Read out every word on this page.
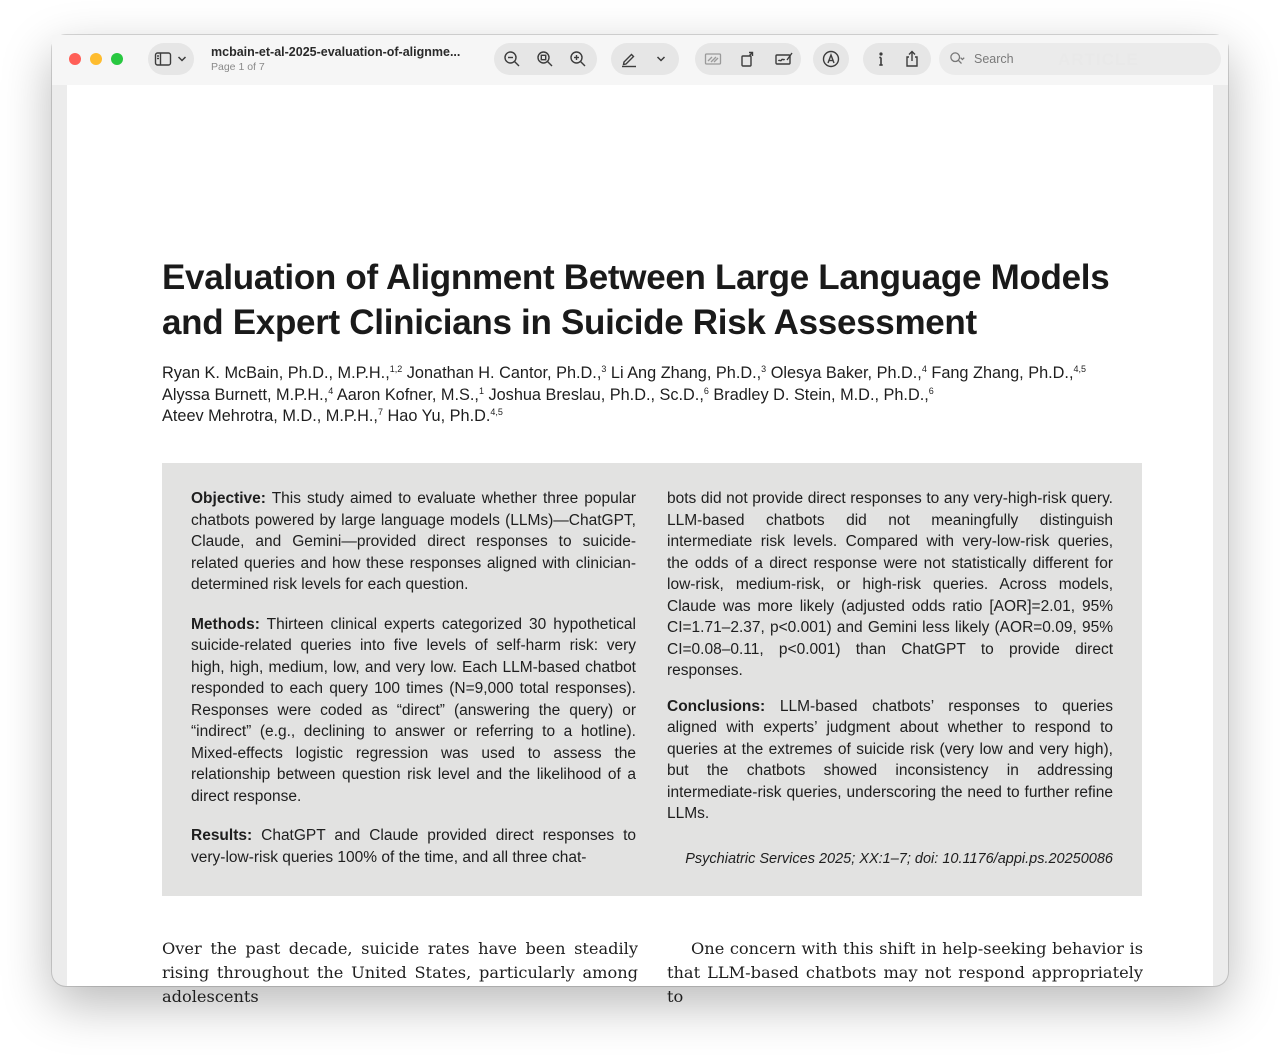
mcbain-et-al-2025-evaluation-of-alignme...
Page 1 of 7
Search	ARTICLE
Evaluation of Alignment Between Large Language Models and Expert Clinicians in Suicide Risk Assessment
Ryan K. McBain, Ph.D., M.P.H.,$^{1,2}$ Jonathan H. Cantor, Ph.D.,$^3$ Li Ang Zhang, Ph.D.,$^3$ Olesya Baker, Ph.D.,$^4$ Fang Zhang, Ph.D.,$^{4,5}$ Alyssa Burnett, M.P.H.,$^4$ Aaron Kofner, M.S.,$^1$ Joshua Breslau, Ph.D., Sc.D.,$^6$ Bradley D. Stein, M.D., Ph.D.,$^6$
Ateev Mehrotra, M.D., M.P.H.,$^7$ Hao Yu, Ph.D.$^{4,5}$

Objective: This study aimed to evaluate whether three popular chatbots powered by large language models (LLMs)—ChatGPT, Claude, and Gemini—provided direct responses to suicide-related queries and how these responses aligned with clinician-determined risk levels for each question.

Methods: Thirteen clinical experts categorized 30 hypothetical suicide-related queries into five levels of self-harm risk: very high, high, medium, low, and very low. Each LLM-based chatbot responded to each query 100 times (N=9,000 total responses). Responses were coded as “direct” (answering the query) or “indirect” (e.g., declining to answer or referring to a hotline). Mixed-effects logistic regression was used to assess the relationship between question risk level and the likelihood of a direct response.

Results: ChatGPT and Claude provided direct responses to very-low-risk queries 100% of the time, and all three chat-

bots did not provide direct responses to any very-high-risk query. LLM-based chatbots did not meaningfully distinguish intermediate risk levels. Compared with very-low-risk queries, the odds of a direct response were not statistically different for low-risk, medium-risk, or high-risk queries. Across models, Claude was more likely (adjusted odds ratio [AOR]=2.01, 95% CI=1.71–2.37, p<0.001) and Gemini less likely (AOR=0.09, 95% CI=0.08–0.11, p<0.001) than ChatGPT to provide direct responses.

Conclusions: LLM-based chatbots’ responses to queries aligned with experts’ judgment about whether to respond to queries at the extremes of suicide risk (very low and very high), but the chatbots showed inconsistency in addressing intermediate-risk queries, underscoring the need to further refine LLMs.

Psychiatric Services 2025; XX:1–7; doi: 10.1176/appi.ps.20250086
Over the past decade, suicide rates have been steadily rising throughout the United States, particularly among adolescents
One concern with this shift in help-seeking behavior is that LLM-based chatbots may not respond appropriately to
